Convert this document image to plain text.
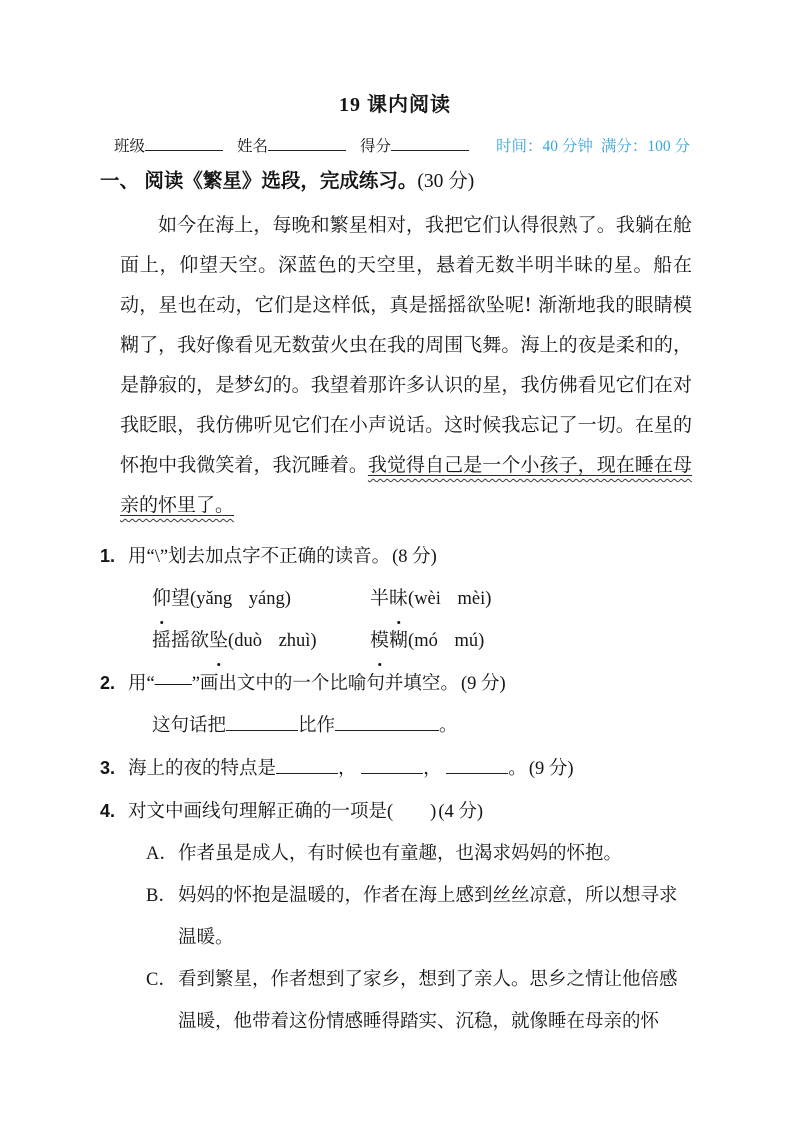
19 课内阅读
班级	姓名	得分	时间：40 分钟 满分：100 分
一、 阅读《繁星》选段，完成练习。(30 分)

如今在海上，每晚和繁星相对，我把它们认得很熟了。我躺在舱面上，仰望天空。深蓝色的天空里，悬着无数半明半昧的星。船在动，星也在动，它们是这样低，真是摇摇欲坠呢! 渐渐地我的眼睛模糊了，我好像看见无数萤火虫在我的周围飞舞。海上的夜是柔和的，是静寂的，是梦幻的。我望着那许多认识的星，我仿佛看见它们在对我眨眼，我仿佛听见它们在小声说话。这时候我忘记了一切。在星的怀抱中我微笑着，我沉睡着。我觉得自己是一个小孩子，现在睡在母亲的怀里了。

1. 用“\”划去加点字不正确的读音。 (8 分)
仰望(yǎng yáng)	半昧(wèi mèi)
摇摇欲坠(duò zhuì)	模糊(mó mú)
2. 用“——”画出文中的一个比喻句并填空。 (9 分)
这句话把	比作	。
3. 海上的夜的特点是	，	，	。 (9 分)
4. 对文中画线句理解正确的一项是(　　) (4 分)
A．作者虽是成人，有时候也有童趣，也渴求妈妈的怀抱。
B．妈妈的怀抱是温暖的，作者在海上感到丝丝凉意，所以想寻求温暖。
C．看到繁星，作者想到了家乡，想到了亲人。思乡之情让他倍感温暖，他带着这份情感睡得踏实、沉稳，就像睡在母亲的怀
